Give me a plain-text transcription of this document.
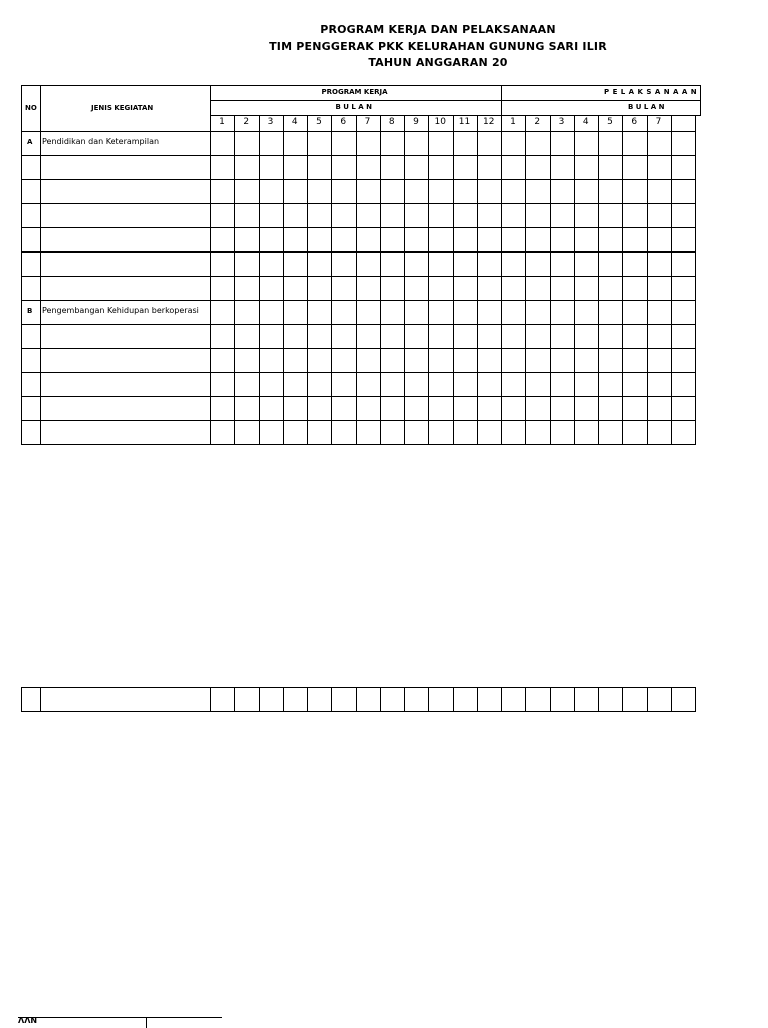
PROGRAM KERJA DAN PELAKSANAAN
TIM PENGGERAK PKK KELURAHAN GUNUNG SARI ILIR
TAHUN ANGGARAN 20
NO	JENIS KEGIATAN
PROGRAM KERJA	P E L A K S A N A A N
B U L A N	B U L A N
1	2	3	4	5	6	7	8	9	10	11	12	1	2	3	4	5	6	7
A Pendidikan dan Keterampilan
B Pengembangan Kehidupan berkoperasi
ΛΛN
